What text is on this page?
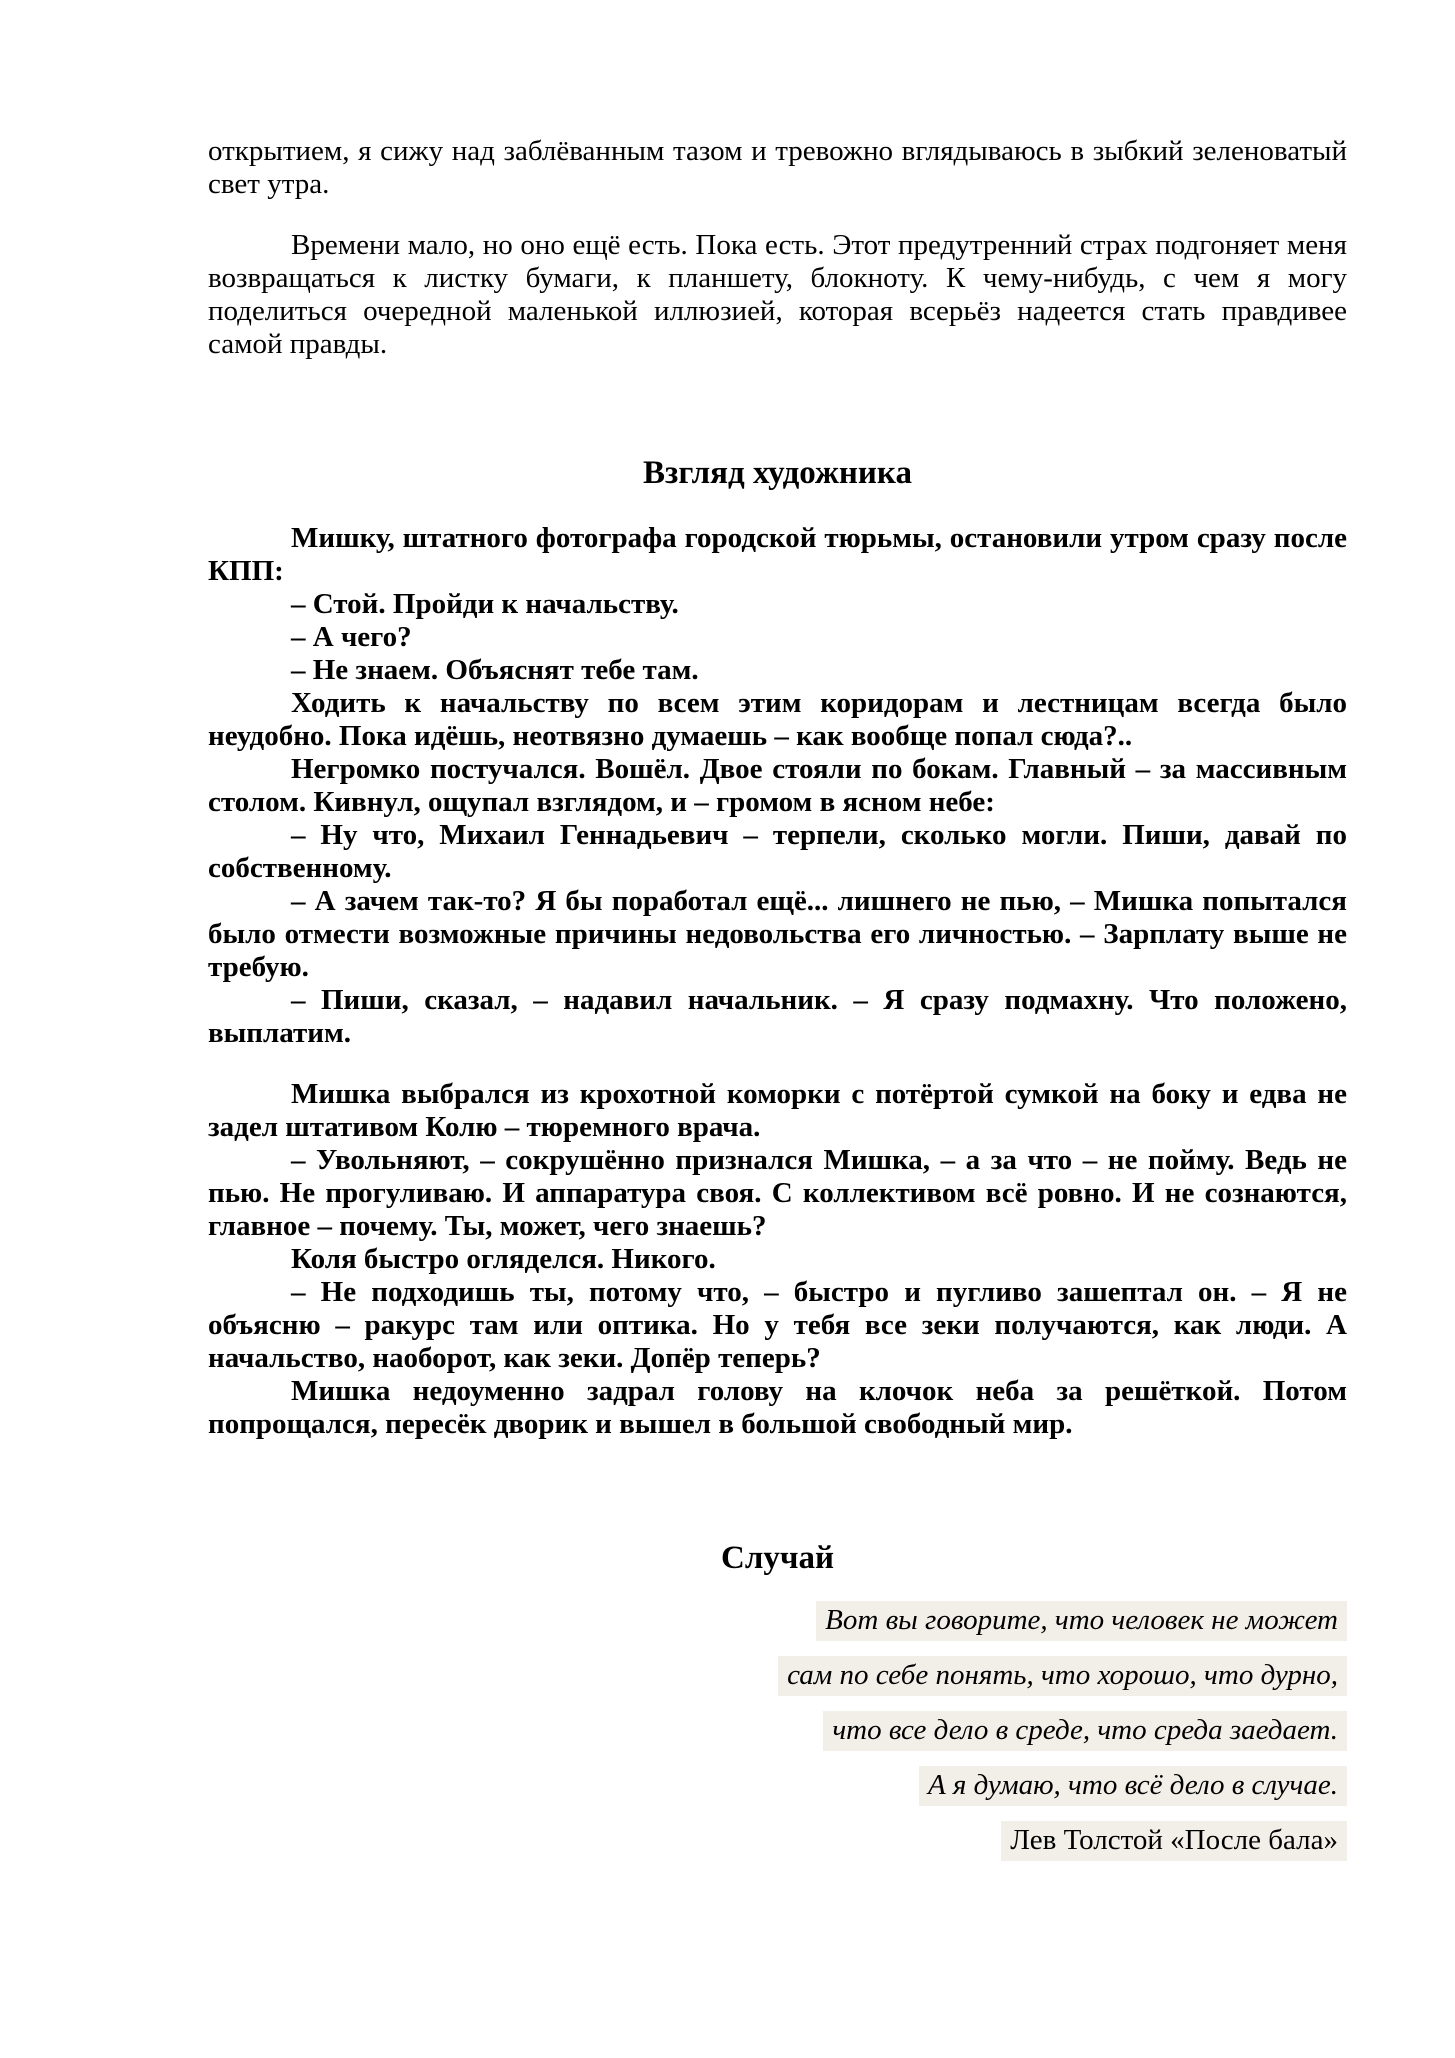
открытием, я сижу над заблёванным тазом и тревожно вглядываюсь в зыбкий зеленоватый свет утра.

Времени мало, но оно ещё есть. Пока есть. Этот предутренний страх подгоняет меня возвращаться к листку бумаги, к планшету, блокноту. К чему-нибудь, с чем я могу поделиться очередной маленькой иллюзией, которая всерьёз надеется стать правдивее самой правды.

Взгляд художника

Мишку, штатного фотографа городской тюрьмы, остановили утром сразу после КПП:

– Стой. Пройди к начальству.

– А чего?

– Не знаем. Объяснят тебе там.

Ходить к начальству по всем этим коридорам и лестницам всегда было неудобно. Пока идёшь, неотвязно думаешь – как вообще попал сюда?..

Негромко постучался. Вошёл. Двое стояли по бокам. Главный – за массивным столом. Кивнул, ощупал взглядом, и – громом в ясном небе:

– Ну что, Михаил Геннадьевич – терпели, сколько могли. Пиши, давай по собственному.

– А зачем так-то? Я бы поработал ещё... лишнего не пью, – Мишка попытался было отмести возможные причины недовольства его личностью. – Зарплату выше не требую.

– Пиши, сказал, – надавил начальник. – Я сразу подмахну. Что положено, выплатим.

Мишка выбрался из крохотной коморки с потёртой сумкой на боку и едва не задел штативом Колю – тюремного врача.

– Увольняют, – сокрушённо признался Мишка, – а за что – не пойму. Ведь не пью. Не прогуливаю. И аппаратура своя. С коллективом всё ровно. И не сознаются, главное – почему. Ты, может, чего знаешь?

Коля быстро огляделся. Никого.

– Не подходишь ты, потому что, – быстро и пугливо зашептал он. – Я не объясню – ракурс там или оптика. Но у тебя все зеки получаются, как люди. А начальство, наоборот, как зеки. Допёр теперь?

Мишка недоуменно задрал голову на клочок неба за решёткой. Потом попрощался, пересёк дворик и вышел в большой свободный мир.

Случай
Вот вы говорите, что человек не может
сам по себе понять, что хорошо, что дурно,
что все дело в среде, что среда заедает.
А я думаю, что всё дело в случае.
Лев Толстой «После бала»
